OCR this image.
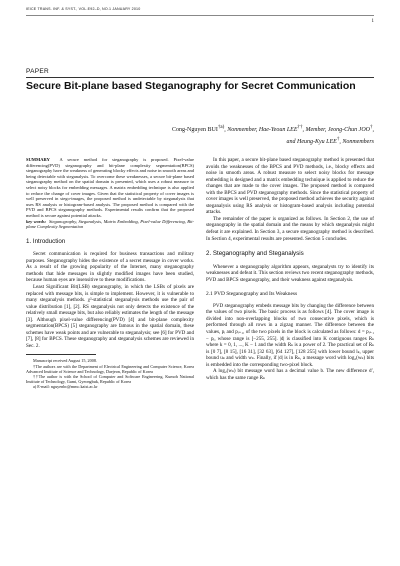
IEICE TRANS. INF. & SYST., VOL.E92–D, NO.1 JANUARY 2010
1
PAPER
Secure Bit-plane based Steganography for Secret Communication
Cong-Nguyen BUI$^{\dagger a)}$, Nonmember, Hae-Yeoun LEE††, Member, Jeong-Chun JOO†,
and Heung-Kyu LEE†, Nonmembers

SUMMARY A secure method for steganography is proposed. Pixel-value differencing(PVD) steganography and bit-plane complexity segmentation(BPCS) steganography have the weakness of generating blocky effects and noise in smooth areas and being detectable with steganalysis. To overcome these weaknesses, a secure bit-plane based steganography method on the spatial domain is presented, which uses a robust measure to select noisy blocks for embedding messages. A matrix embedding technique is also applied to reduce the change of cover images. Given that the statistical property of cover images is well preserved in stego-images, the proposed method is undetectable by steganalysis that uses RS analysis or histogram-based analysis. The proposed method is compared with the PVD and BPCS steganography methods. Experimental results confirm that the proposed method is secure against potential attacks.

key words: Steganography, Steganalysis, Matrix Embedding, Pixel-value Differencing, Bit-plane Complexity Segmentation

1. Introduction

Secret communication is required for business transactions and military purposes. Steganography hides the existence of a secret message in cover works. As a result of the growing popularity of the Internet, many steganography methods that hide messages in slightly modified images have been studied, because human eyes are insensitive to these modifications.

Least Significant Bit(LSB) steganography, in which the LSBs of pixels are replaced with message bits, is simple to implement. However, it is vulnerable to many steganalysis methods. χ²-statistical steganalysis methods use the pair of value distribution [1], [2]. RS steganalysis not only detects the existence of the relatively small message bits, but also reliably estimates the length of the message [3]. Although pixel-value differencing(PVD) [4] and bit-plane complexity segmentation(BPCS) [5] steganography are famous in the spatial domain, these schemes have weak points and are vulnerable to steganalysis; see [6] for PVD and [7], [8] for BPCS. These steganography and steganalysis schemes are reviewed in Sec. 2.

Manuscript received August 15, 2008.

†The authors are with the Department of Electrical Engineering and Computer Science, Korea Advanced Institute of Science and Technology, Daejeon, Republic of Korea

††The author is with the School of Computer and Software Engineering, Kumoh National Institute of Technology, Gumi, Gyeongbuk, Republic of Korea

a) E-mail: nguyenbc@mmc.kaist.ac.kr

In this paper, a secure bit-plane based steganography method is presented that avoids the weaknesses of the BPCS and PVD methods, i.e., blocky effects and noise in smooth areas. A robust measure to select noisy blocks for message embedding is designed and a matrix embedding technique is applied to reduce the changes that are made to the cover images. The proposed method is compared with the BPCS and PVD steganography methods. Since the statistical property of cover images is well preserved, the proposed method achieves the security against steganalysis using RS analysis or histogram-based analysis including potential attacks.

The remainder of the paper is organized as follows. In Section 2, the use of steganography in the spatial domain and the means by which steganalysis might defeat it are explained. In Section 3, a secure steganography method is described. In Section 4, experimental results are presented. Section 5 concludes.

2. Steganography and Steganalysis

Whenever a steganography algorithm appears, steganalysts try to identify its weaknesses and defeat it. This section reviews two recent steganography methods, PVD and BPCS steganography, and their weakness against steganalysis.

2.1 PVD Steganography and Its Weakness

PVD steganography embeds message bits by changing the difference between the values of two pixels. The basic process is as follows [4]. The cover image is divided into non-overlapping blocks of two consecutive pixels, which is performed through all rows in a zigzag manner. The difference between the values, pᵢ and pᵢ₊₁, of the two pixels in the block is calculated as follows: d = pᵢ₊₁ − pᵢ, whose range is [−255, 255]. |d| is classified into K contiguous ranges Rₖ where k = 0, 1, ..., K − 1 and the width Rₖ is a power of 2. The practical set of Rₖ is [0 7], [8 15], [16 31], [32 63], [64 127], [128 255] with lower bound lₖ, upper bound uₖ and width wₖ. Finally, if |d| is in Rₖ, a message word with log₂(wₖ) bits is embedded into the corresponding two-pixel block.

A log₂(wₖ) bit message word has a decimal value b. The new difference d′, which has the same range Rₖ
